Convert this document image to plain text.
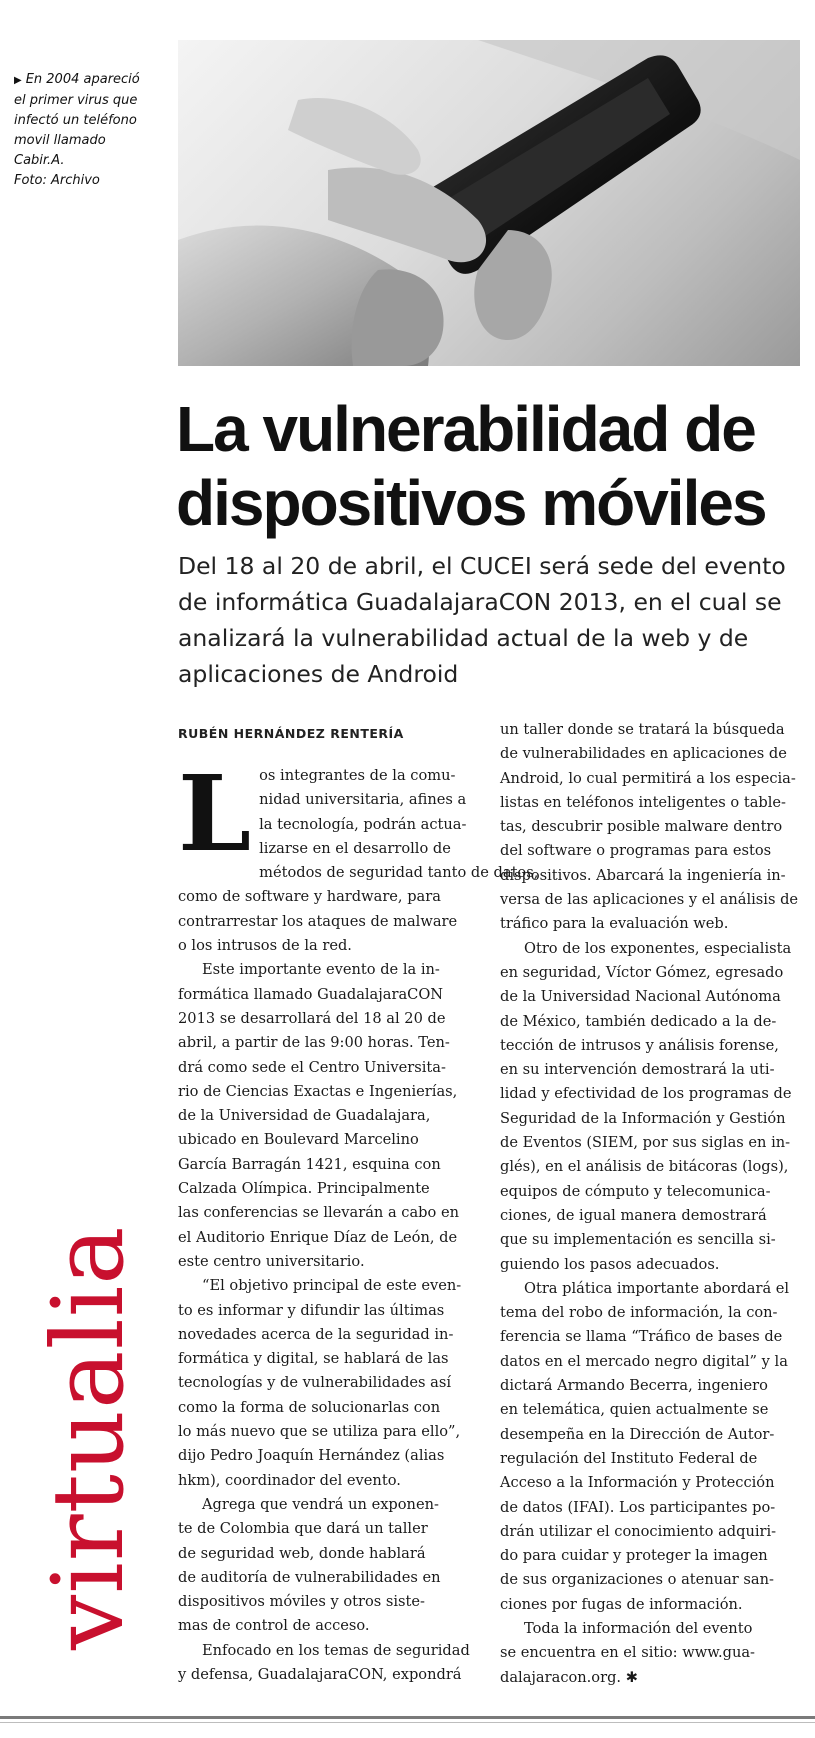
▶ En 2004 apareció
el primer virus que
infectó un teléfono
movil llamado
Cabir.A.
Foto: Archivo
La vulnerabilidad de
dispositivos móviles
Del 18 al 20 de abril, el CUCEI será sede del evento
de informática GuadalajaraCON 2013, en el cual se
analizará la vulnerabilidad actual de la web y de
aplicaciones de Android
RUBÉN HERNÁNDEZ RENTERÍA
L os integrantes de la comu-
nidad universitaria, afines a
la tecnología, podrán actua-
lizarse en el desarrollo de
métodos de seguridad tanto de datos,
como de software y hardware, para
contrarrestar los ataques de malware
o los intrusos de la red.
Este importante evento de la in-
formática llamado GuadalajaraCON
2013 se desarrollará del 18 al 20 de
abril, a partir de las 9:00 horas. Ten-
drá como sede el Centro Universita-
rio de Ciencias Exactas e Ingenierías,
de la Universidad de Guadalajara,
ubicado en Boulevard Marcelino
García Barragán 1421, esquina con
Calzada Olímpica. Principalmente
las conferencias se llevarán a cabo en
el Auditorio Enrique Díaz de León, de
este centro universitario.
“El objetivo principal de este even-
to es informar y difundir las últimas
novedades acerca de la seguridad in-
formática y digital, se hablará de las
tecnologías y de vulnerabilidades así
como la forma de solucionarlas con
lo más nuevo que se utiliza para ello”,
dijo Pedro Joaquín Hernández (alias
hkm), coordinador del evento.
Agrega que vendrá un exponen-
te de Colombia que dará un taller
de seguridad web, donde hablará
de auditoría de vulnerabilidades en
dispositivos móviles y otros siste-
mas de control de acceso.
Enfocado en los temas de seguridad
y defensa, GuadalajaraCON, expondrá
un taller donde se tratará la búsqueda
de vulnerabilidades en aplicaciones de
Android, lo cual permitirá a los especia-
listas en teléfonos inteligentes o table-
tas, descubrir posible malware dentro
del software o programas para estos
dispositivos. Abarcará la ingeniería in-
versa de las aplicaciones y el análisis de
tráfico para la evaluación web.
Otro de los exponentes, especialista
en seguridad, Víctor Gómez, egresado
de la Universidad Nacional Autónoma
de México, también dedicado a la de-
tección de intrusos y análisis forense,
en su intervención demostrará la uti-
lidad y efectividad de los programas de
Seguridad de la Información y Gestión
de Eventos (SIEM, por sus siglas en in-
glés), en el análisis de bitácoras (logs),
equipos de cómputo y telecomunica-
ciones, de igual manera demostrará
que su implementación es sencilla si-
guiendo los pasos adecuados.
Otra plática importante abordará el
tema del robo de información, la con-
ferencia se llama “Tráfico de bases de
datos en el mercado negro digital” y la
dictará Armando Becerra, ingeniero
en telemática, quien actualmente se
desempeña en la Dirección de Autor-
regulación del Instituto Federal de
Acceso a la Información y Protección
de datos (IFAI). Los participantes po-
drán utilizar el conocimiento adquiri-
do para cuidar y proteger la imagen
de sus organizaciones o atenuar san-
ciones por fugas de información.
Toda la información del evento
se encuentra en el sitio: www.gua-
dalajaracon.org. ✱
virtualia
